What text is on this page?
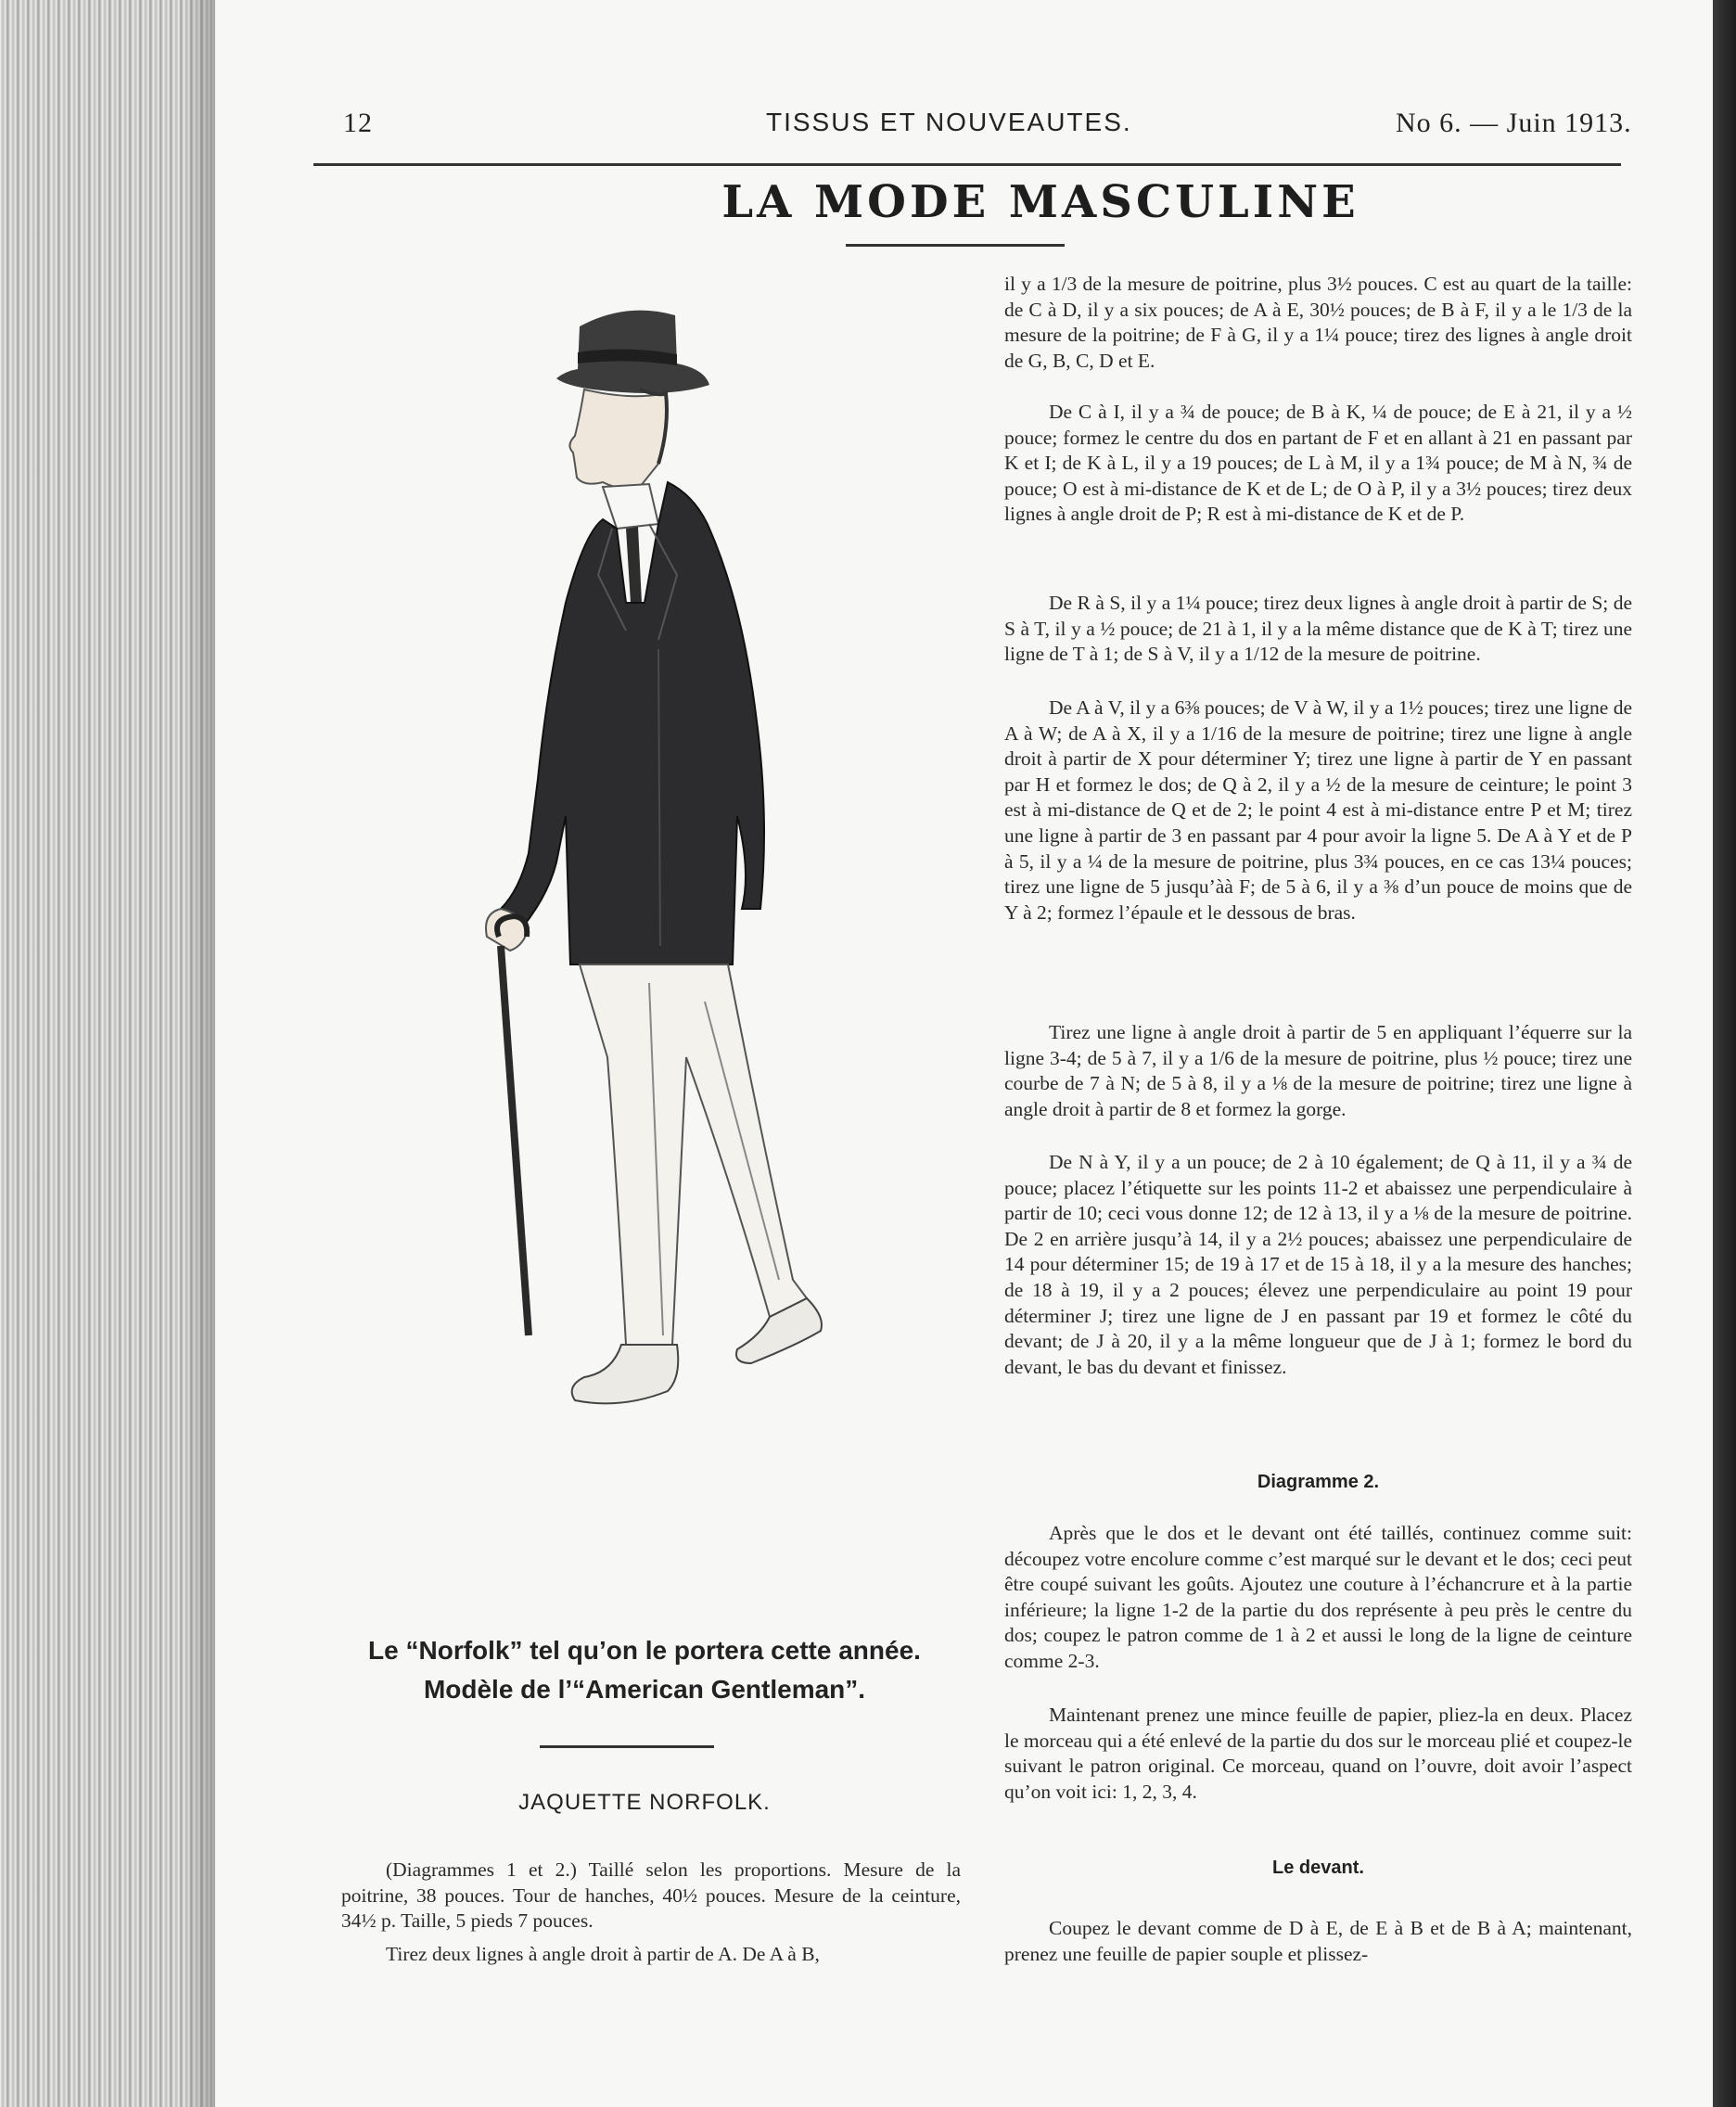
12	TISSUS ET NOUVEAUTES.	No 6. — Juin 1913.
LA MODE MASCULINE
Le “Norfolk” tel qu’on le portera cette année.
Modèle de l’“American Gentleman”.
JAQUETTE NORFOLK.

(Diagrammes 1 et 2.) Taillé selon les proportions. Mesure de la poitrine, 38 pouces. Tour de hanches, 40½ pouces. Mesure de la ceinture, 34½ p. Taille, 5 pieds 7 pouces.

Tirez deux lignes à angle droit à partir de A. De A à B,

il y a 1/3 de la mesure de poitrine, plus 3½ pouces. C est au quart de la taille: de C à D, il y a six pouces; de A à E, 30½ pouces; de B à F, il y a le 1/3 de la mesure de la poitrine; de F à G, il y a 1¼ pouce; tirez des lignes à angle droit de G, B, C, D et E.

De C à I, il y a ¾ de pouce; de B à K, ¼ de pouce; de E à 21, il y a ½ pouce; formez le centre du dos en partant de F et en allant à 21 en passant par K et I; de K à L, il y a 19 pouces; de L à M, il y a 1¾ pouce; de M à N, ¾ de pouce; O est à mi-distance de K et de L; de O à P, il y a 3½ pouces; tirez deux lignes à angle droit de P; R est à mi-distance de K et de P.

De R à S, il y a 1¼ pouce; tirez deux lignes à angle droit à partir de S; de S à T, il y a ½ pouce; de 21 à 1, il y a la même distance que de K à T; tirez une ligne de T à 1; de S à V, il y a 1/12 de la mesure de poitrine.

De A à V, il y a 6⅜ pouces; de V à W, il y a 1½ pouces; tirez une ligne de A à W; de A à X, il y a 1/16 de la mesure de poitrine; tirez une ligne à angle droit à partir de X pour déterminer Y; tirez une ligne à partir de Y en passant par H et formez le dos; de Q à 2, il y a ½ de la mesure de ceinture; le point 3 est à mi-distance de Q et de 2; le point 4 est à mi-distance entre P et M; tirez une ligne à partir de 3 en passant par 4 pour avoir la ligne 5. De A à Y et de P à 5, il y a ¼ de la mesure de poitrine, plus 3¾ pouces, en ce cas 13¼ pouces; tirez une ligne de 5 jusqu’àà F; de 5 à 6, il y a ⅜ d’un pouce de moins que de Y à 2; formez l’épaule et le dessous de bras.

Tirez une ligne à angle droit à partir de 5 en appliquant l’équerre sur la ligne 3-4; de 5 à 7, il y a 1/6 de la mesure de poitrine, plus ½ pouce; tirez une courbe de 7 à N; de 5 à 8, il y a ⅛ de la mesure de poitrine; tirez une ligne à angle droit à partir de 8 et formez la gorge.

De N à Y, il y a un pouce; de 2 à 10 également; de Q à 11, il y a ¾ de pouce; placez l’étiquette sur les points 11-2 et abaissez une perpendiculaire à partir de 10; ceci vous donne 12; de 12 à 13, il y a ⅛ de la mesure de poitrine. De 2 en arrière jusqu’à 14, il y a 2½ pouces; abaissez une perpendiculaire de 14 pour déterminer 15; de 19 à 17 et de 15 à 18, il y a la mesure des hanches; de 18 à 19, il y a 2 pouces; élevez une perpendiculaire au point 19 pour déterminer J; tirez une ligne de J en passant par 19 et formez le côté du devant; de J à 20, il y a la même longueur que de J à 1; formez le bord du devant, le bas du devant et finissez.

Diagramme 2.

Après que le dos et le devant ont été taillés, continuez comme suit: découpez votre encolure comme c’est marqué sur le devant et le dos; ceci peut être coupé suivant les goûts. Ajoutez une couture à l’échancrure et à la partie inférieure; la ligne 1-2 de la partie du dos représente à peu près le centre du dos; coupez le patron comme de 1 à 2 et aussi le long de la ligne de ceinture comme 2-3.

Maintenant prenez une mince feuille de papier, pliez-la en deux. Placez le morceau qui a été enlevé de la partie du dos sur le morceau plié et coupez-le suivant le patron original. Ce morceau, quand on l’ouvre, doit avoir l’aspect qu’on voit ici: 1, 2, 3, 4.

Le devant.

Coupez le devant comme de D à E, de E à B et de B à A; maintenant, prenez une feuille de papier souple et plissez-
